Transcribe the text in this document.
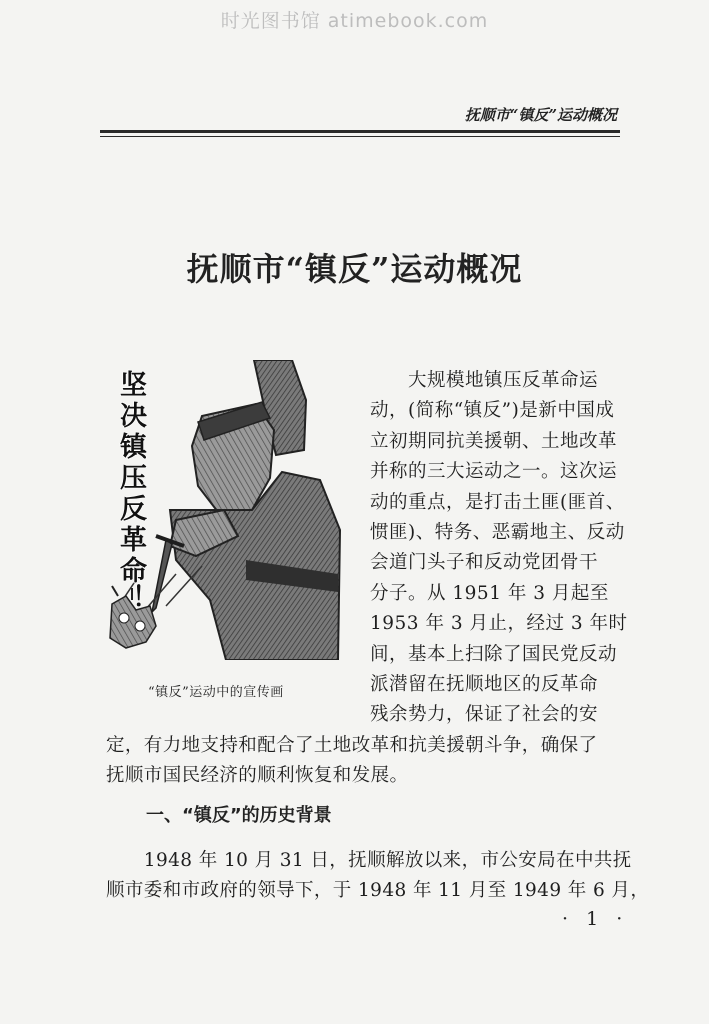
时光图书馆 atimebook.com
抚顺市“镇反”运动概况
抚顺市“镇反”运动概况
坚
决
镇
压
反
革
命
！
“镇反”运动中的宣传画
　　大规模地镇压反革命运
动，(简称“镇反”)是新中国成
立初期同抗美援朝、土地改革
并称的三大运动之一。这次运
动的重点，是打击土匪(匪首、
惯匪)、特务、恶霸地主、反动
会道门头子和反动党团骨干
分子。从 1951 年 3 月起至
1953 年 3 月止，经过 3 年时
间，基本上扫除了国民党反动
派潜留在抚顺地区的反革命
残余势力，保证了社会的安
定，有力地支持和配合了土地改革和抗美援朝斗争，确保了
抚顺市国民经济的顺利恢复和发展。
一、“镇反”的历史背景
　　1948 年 10 月 31 日，抚顺解放以来，市公安局在中共抚
顺市委和市政府的领导下，于 1948 年 11 月至 1949 年 6 月，
· 1 ·
